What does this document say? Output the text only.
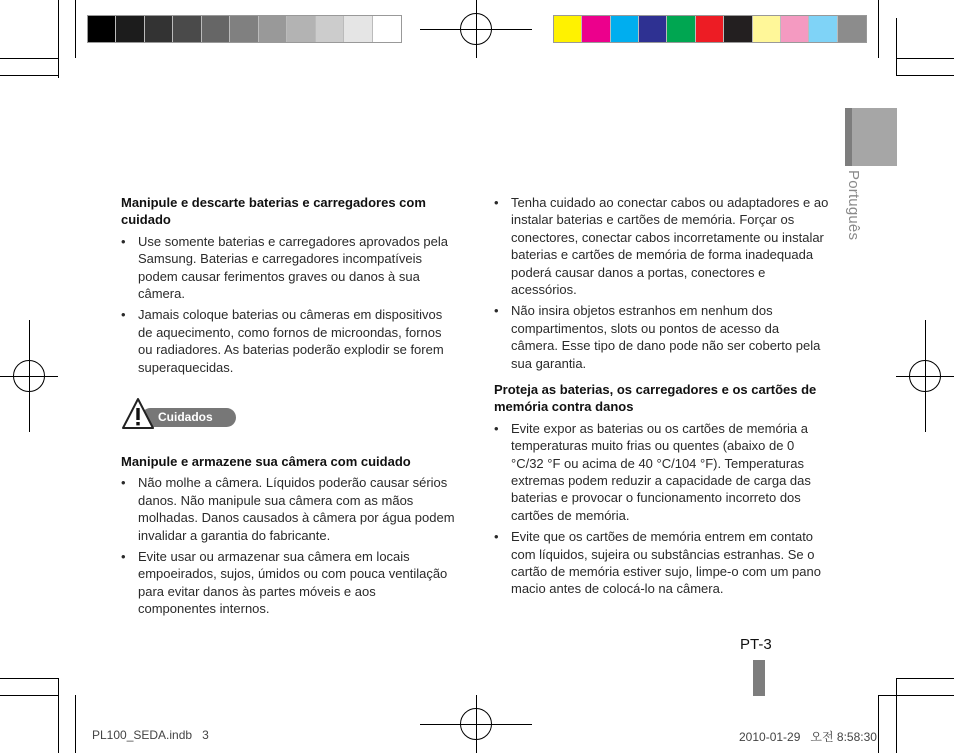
Português

Manipule e descarte baterias e carregadores com cuidado

• Use somente baterias e carregadores aprovados pela Samsung. Baterias e carregadores incompatíveis podem causar ferimentos graves ou danos à sua câmera.
• Jamais coloque baterias ou câmeras em dispositivos de aquecimento, como fornos de microondas, fornos ou radiadores. As baterias poderão explodir se forem superaquecidas.
Cuidados

Manipule e armazene sua câmera com cuidado

• Não molhe a câmera. Líquidos poderão causar sérios danos. Não manipule sua câmera com as mãos molhadas. Danos causados à câmera por água podem invalidar a garantia do fabricante.
• Evite usar ou armazenar sua câmera em locais empoeirados, sujos, úmidos ou com pouca ventilação para evitar danos às partes móveis e aos componentes internos.
• Tenha cuidado ao conectar cabos ou adaptadores e ao instalar baterias e cartões de memória. Forçar os conectores, conectar cabos incorretamente ou instalar baterias e cartões de memória de forma inadequada poderá causar danos a portas, conectores e acessórios.
• Não insira objetos estranhos em nenhum dos compartimentos, slots ou pontos de acesso da câmera. Esse tipo de dano pode não ser coberto pela sua garantia.

Proteja as baterias, os carregadores e os cartões de memória contra danos

• Evite expor as baterias ou os cartões de memória a temperaturas muito frias ou quentes (abaixo de 0 °C/32 °F ou acima de 40 °C/104 °F). Temperaturas extremas podem reduzir a capacidade de carga das baterias e provocar o funcionamento incorreto dos cartões de memória.
• Evite que os cartões de memória entrem em contato com líquidos, sujeira ou substâncias estranhas. Se o cartão de memória estiver sujo, limpe-o com um pano macio antes de colocá-lo na câmera.
PT-3
PL100_SEDA.indb   3	2010-01-29   오전 8:58:30
